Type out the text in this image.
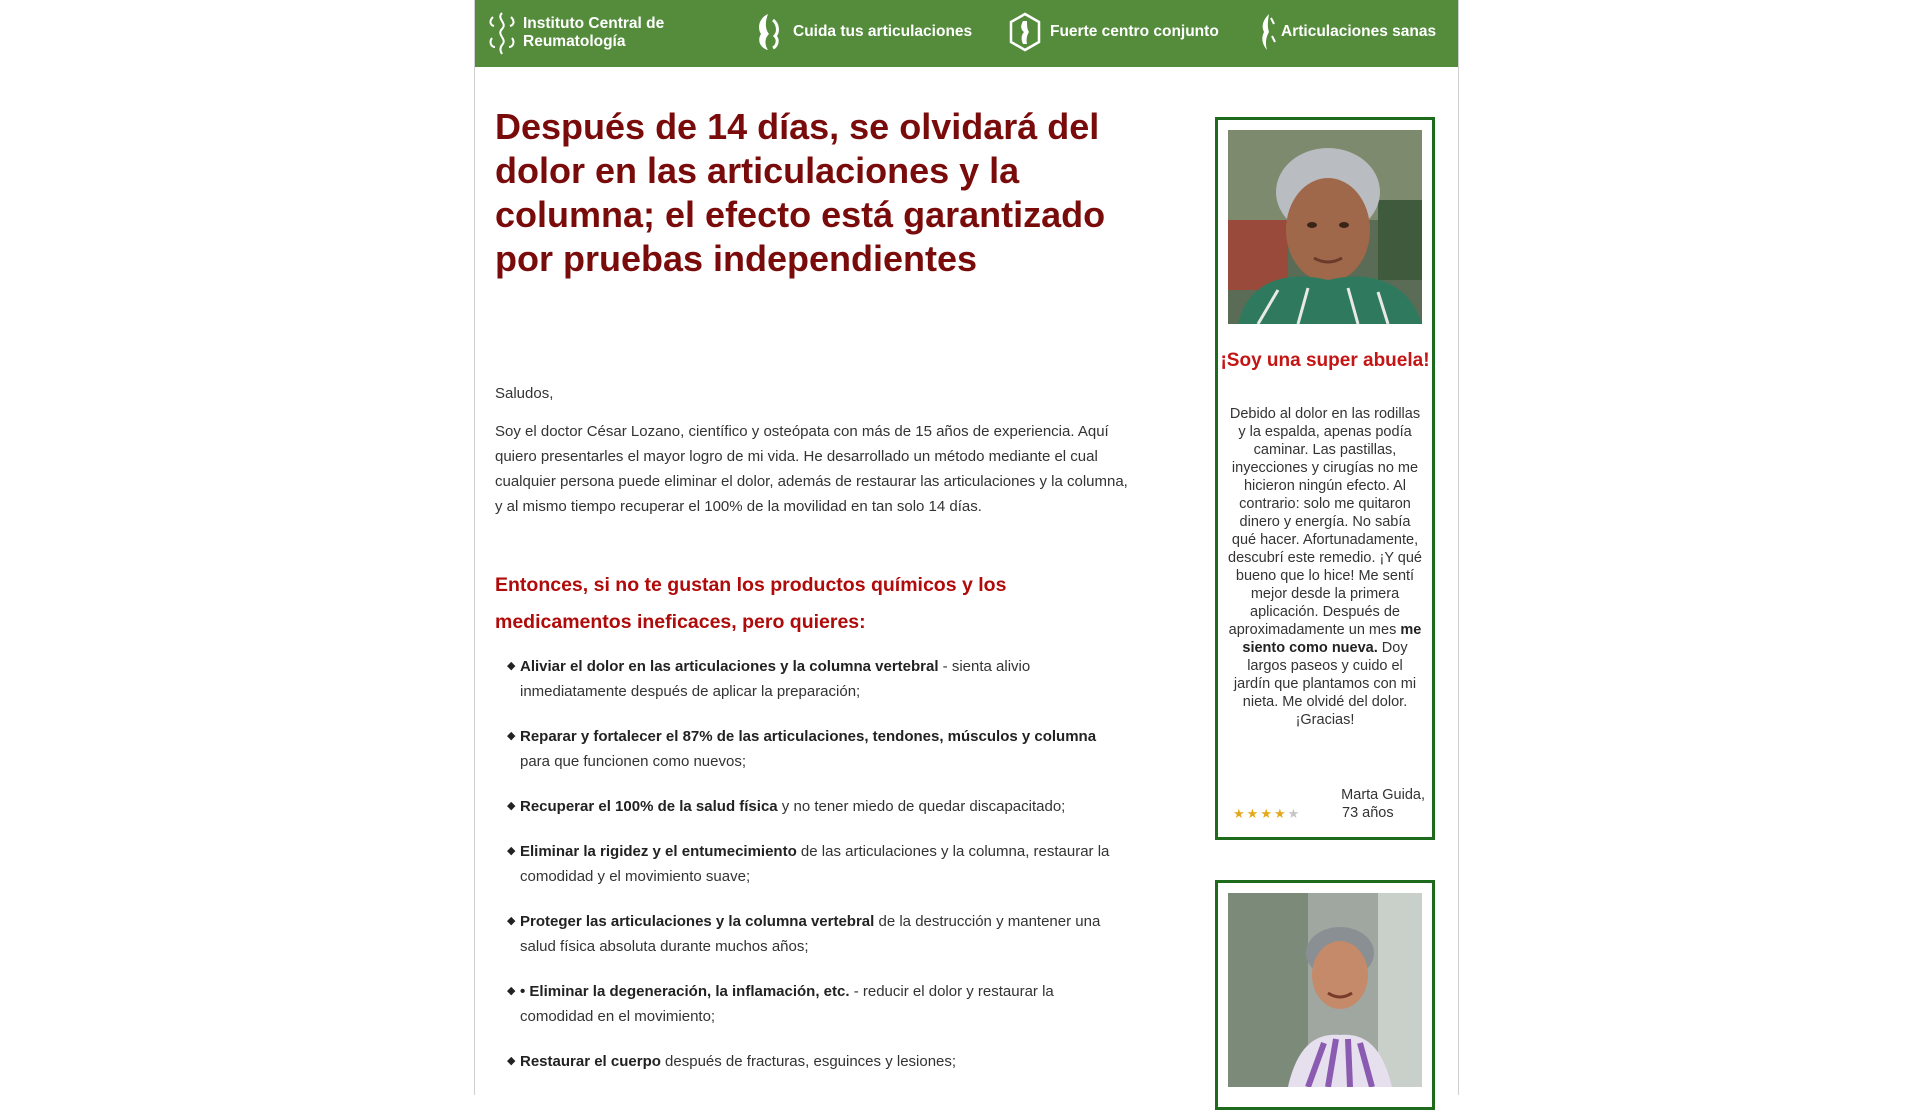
Instituto Central de
Reumatología
Cuida tus articulaciones	Fuerte centro conjunto	Articulaciones sanas
Después de 14 días, se olvidará del dolor en las articulaciones y la columna; el efecto está garantizado por pruebas independientes
Saludos,
Soy el doctor César Lozano, científico y osteópata con más de 15 años de experiencia. Aquí quiero presentarles el mayor logro de mi vida. He desarrollado un método mediante el cual cualquier persona puede eliminar el dolor, además de restaurar las articulaciones y la columna, y al mismo tiempo recuperar el 100% de la movilidad en tan solo 14 días.
Entonces, si no te gustan los productos químicos y los medicamentos ineficaces, pero quieres:
◆ Aliviar el dolor en las articulaciones y la columna vertebral - sienta alivio inmediatamente después de aplicar la preparación;
◆ Reparar y fortalecer el 87% de las articulaciones, tendones, músculos y columna para que funcionen como nuevos;
◆ Recuperar el 100% de la salud física y no tener miedo de quedar discapacitado;
◆ Eliminar la rigidez y el entumecimiento de las articulaciones y la columna, restaurar la comodidad y el movimiento suave;
◆ Proteger las articulaciones y la columna vertebral de la destrucción y mantener una salud física absoluta durante muchos años;
◆ • Eliminar la degeneración, la inflamación, etc. - reducir el dolor y restaurar la comodidad en el movimiento;
◆ Restaurar el cuerpo después de fracturas, esguinces y lesiones;
¡Soy una super abuela!
Debido al dolor en las rodillas y la espalda, apenas podía caminar. Las pastillas, inyecciones y cirugías no me hicieron ningún efecto. Al contrario: solo me quitaron dinero y energía. No sabía qué hacer. Afortunadamente, descubrí este remedio. ¡Y qué bueno que lo hice! Me sentí mejor desde la primera aplicación. Después de aproximadamente un mes me siento como nueva. Doy largos paseos y cuido el jardín que plantamos con mi nieta. Me olvidé del dolor. ¡Gracias!
Marta Guida,
★★★★★	73 años
